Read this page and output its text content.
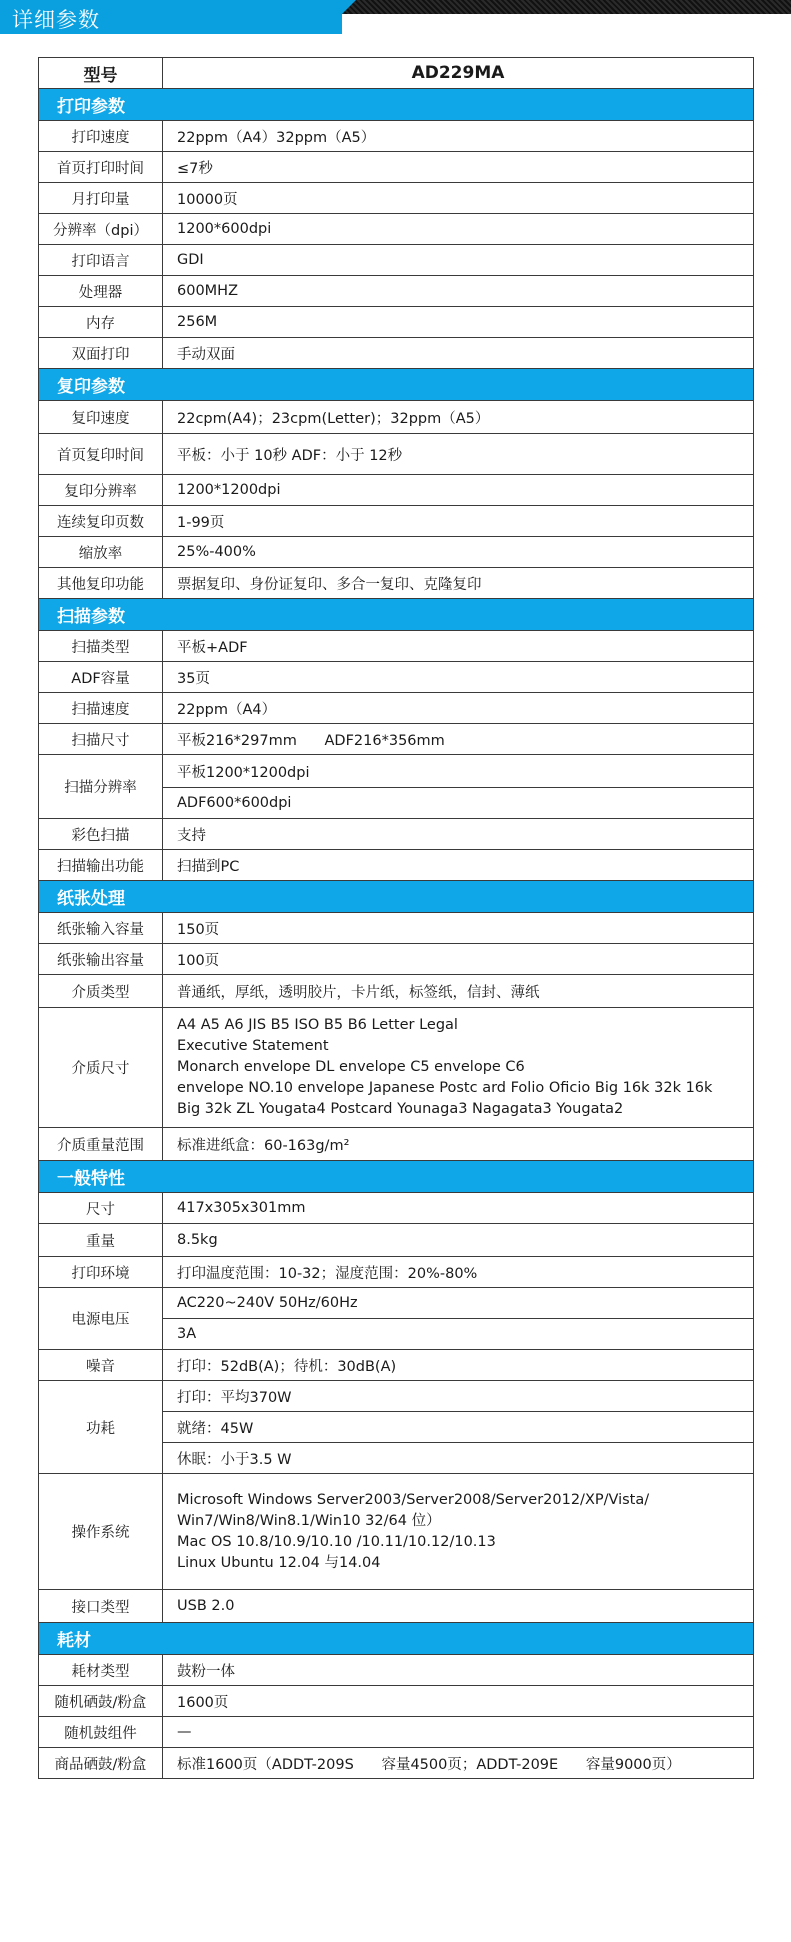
详细参数
型号	AD229MA
打印参数	
打印速度	22ppm（A4）32ppm（A5）
首页打印时间	≤7秒
月打印量	10000页
分辨率（dpi）	1200*600dpi
打印语言	GDI
处理器	600MHZ
内存	256M
双面打印	手动双面
复印参数	
复印速度	22cpm(A4)；23cpm(Letter)；32ppm（A5）
首页复印时间	平板：小于 10秒 ADF：小于 12秒
复印分辨率	1200*1200dpi
连续复印页数	1-99页
缩放率	25%-400%
其他复印功能	票据复印、身份证复印、多合一复印、克隆复印
扫描参数	
扫描类型	平板+ADF
ADF容量	35页
扫描速度	22ppm（A4）
扫描尺寸	平板216*297mm      ADF216*356mm
扫描分辨率	平板1200*1200dpi
	ADF600*600dpi
彩色扫描	支持
扫描输出功能	扫描到PC
纸张处理	
纸张输入容量	150页
纸张输出容量	100页
介质类型	普通纸，厚纸，透明胶片，卡片纸，标签纸，信封、薄纸
介质尺寸	A4 A5 A6 JIS B5 ISO B5 B6 Letter Legal
Executive Statement
Monarch envelope DL envelope C5 envelope C6
envelope NO.10 envelope Japanese Postc ard Folio Oficio Big 16k 32k 16k
Big 32k ZL Yougata4 Postcard Younaga3 Nagagata3 Yougata2

介质重量范围	标准进纸盒：60-163g/m²
一般特性	
尺寸	417x305x301mm
重量	8.5kg
打印环境	打印温度范围：10-32；湿度范围：20%-80%
电源电压	AC220~240V 50Hz/60Hz
	3A
噪音	打印：52dB(A)；待机：30dB(A)
功耗	打印：平均370W
	就绪：45W
	休眠：小于3.5 W
操作系统	Microsoft Windows Server2003/Server2008/Server2012/XP/Vista/
Win7/Win8/Win8.1/Win10 32/64 位）
Mac OS 10.8/10.9/10.10 /10.11/10.12/10.13
Linux Ubuntu 12.04 与14.04

接口类型	USB 2.0
耗材	
耗材类型	鼓粉一体
随机硒鼓/粉盒	1600页
随机鼓组件	—
商品硒鼓/粉盒	标准1600页（ADDT-209S      容量4500页；ADDT-209E      容量9000页）
